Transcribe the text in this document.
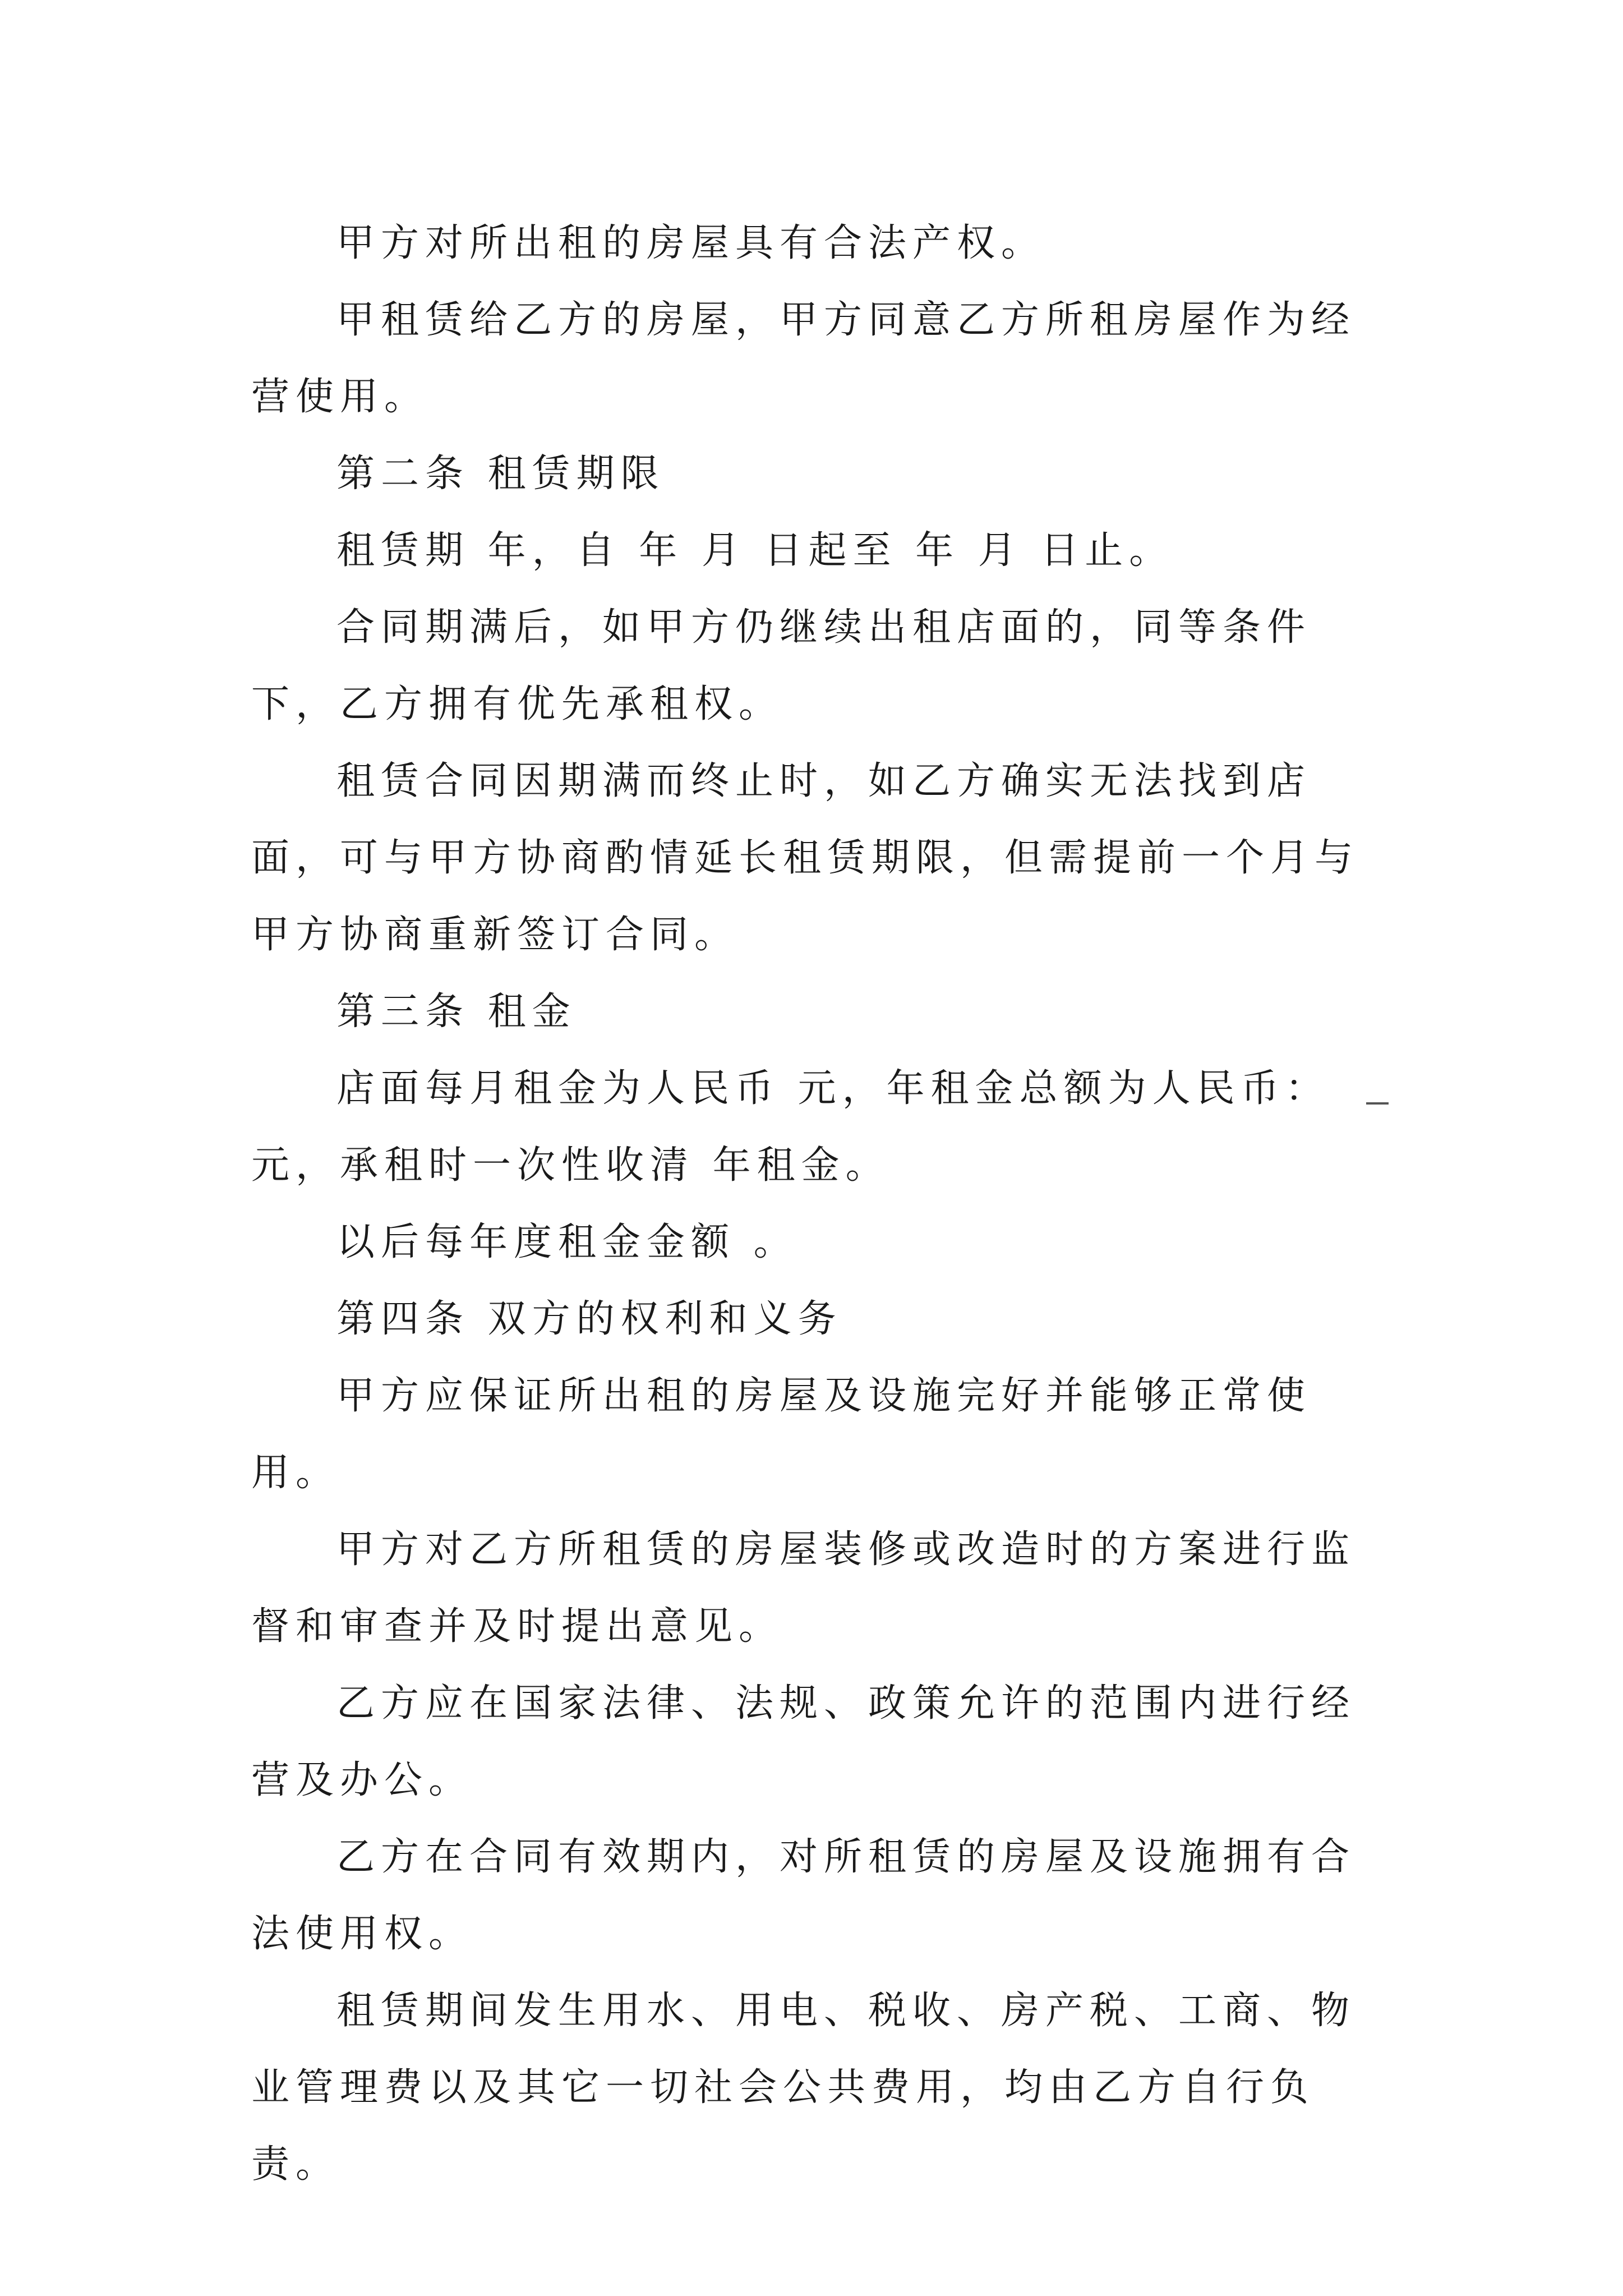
甲方对所出租的房屋具有合法产权。

甲租赁给乙方的房屋，甲方同意乙方所租房屋作为经营使用。

第二条 租赁期限

租赁期 年，自 年 月 日起至 年 月 日止。

合同期满后，如甲方仍继续出租店面的，同等条件下，乙方拥有优先承租权。

租赁合同因期满而终止时，如乙方确实无法找到店面，可与甲方协商酌情延长租赁期限，但需提前一个月与甲方协商重新签订合同。

第三条 租金

店面每月租金为人民币 元，年租金总额为人民币： 元，承租时一次性收清 年租金。

以后每年度租金金额 。

第四条 双方的权利和义务

甲方应保证所出租的房屋及设施完好并能够正常使用。

甲方对乙方所租赁的房屋装修或改造时的方案进行监督和审查并及时提出意见。

乙方应在国家法律、法规、政策允许的范围内进行经营及办公。

乙方在合同有效期内，对所租赁的房屋及设施拥有合法使用权。

租赁期间发生用水、用电、税收、房产税、工商、物业管理费以及其它一切社会公共费用，均由乙方自行负责。
